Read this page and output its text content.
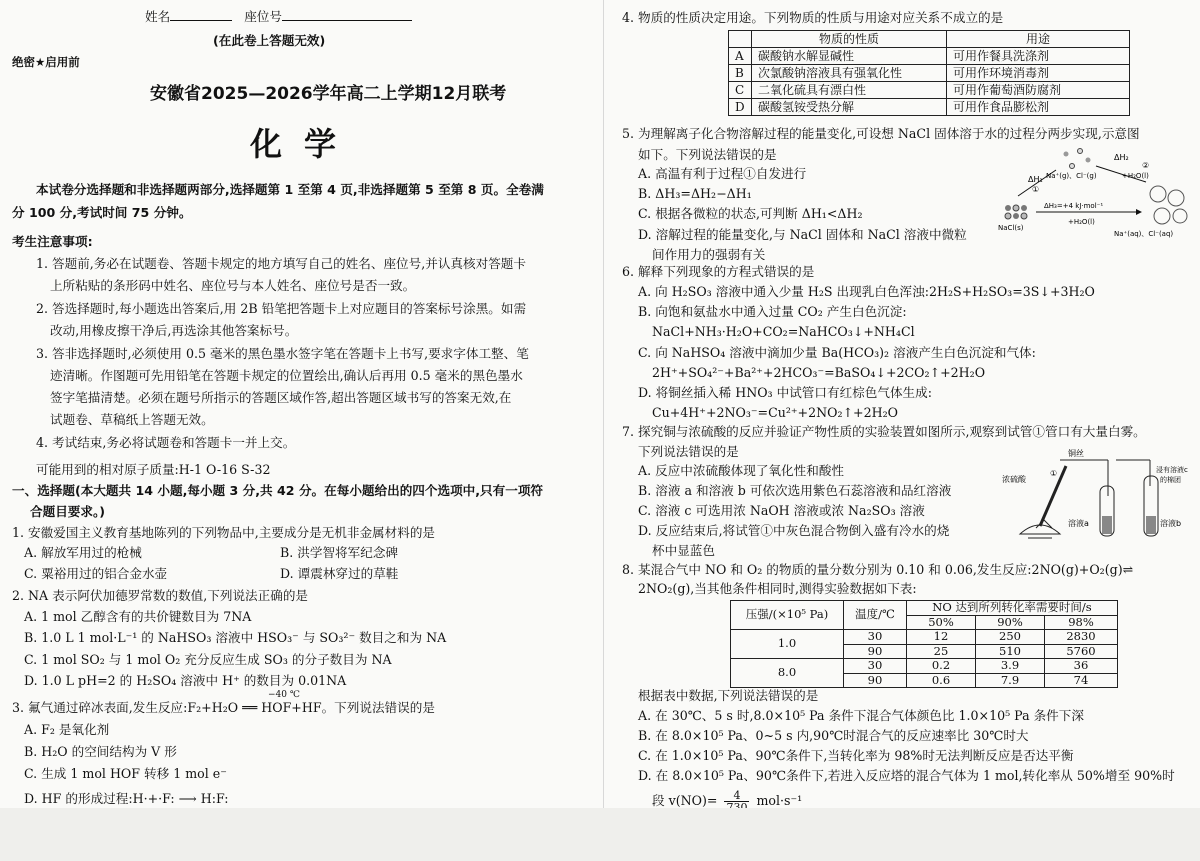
姓名	座位号
(在此卷上答题无效)
绝密★启用前
安徽省2025—2026学年高二上学期12月联考
化学
本试卷分选择题和非选择题两部分,选择题第 1 至第 4 页,非选择题第 5 至第 8 页。全卷满
分 100 分,考试时间 75 分钟。
考生注意事项:
1. 答题前,务必在试题卷、答题卡规定的地方填写自己的姓名、座位号,并认真核对答题卡
上所粘贴的条形码中姓名、座位号与本人姓名、座位号是否一致。
2. 答选择题时,每小题选出答案后,用 2B 铅笔把答题卡上对应题目的答案标号涂黑。如需
改动,用橡皮擦干净后,再选涂其他答案标号。
3. 答非选择题时,必须使用 0.5 毫米的黑色墨水签字笔在答题卡上书写,要求字体工整、笔
迹清晰。作图题可先用铅笔在答题卡规定的位置绘出,确认后再用 0.5 毫米的黑色墨水
签字笔描清楚。必须在题号所指示的答题区域作答,超出答题区域书写的答案无效,在
试题卷、草稿纸上答题无效。
4. 考试结束,务必将试题卷和答题卡一并上交。
可能用到的相对原子质量:H-1 O-16 S-32
一、选择题(本大题共 14 小题,每小题 3 分,共 42 分。在每小题给出的四个选项中,只有一项符
合题目要求。)
1. 安徽爱国主义教育基地陈列的下列物品中,主要成分是无机非金属材料的是
A. 解放军用过的枪械	B. 洪学智将军纪念碑
C. 粟裕用过的铝合金水壶	D. 谭震林穿过的草鞋
2. NA 表示阿伏加德罗常数的数值,下列说法正确的是
A. 1 mol 乙醇含有的共价键数目为 7NA
B. 1.0 L 1 mol·L⁻¹ 的 NaHSO₃ 溶液中 HSO₃⁻ 与 SO₃²⁻ 数目之和为 NA
C. 1 mol SO₂ 与 1 mol O₂ 充分反应生成 SO₃ 的分子数目为 NA
D. 1.0 L pH=2 的 H₂SO₄ 溶液中 H⁺ 的数目为 0.01NA
−40 ℃
3. 氟气通过碎冰表面,发生反应:F₂+H₂O ══ HOF+HF。下列说法错误的是
A. F₂ 是氧化剂
B. H₂O 的空间结构为 V 形
C. 生成 1 mol HOF 转移 1 mol e⁻
D. HF 的形成过程:H·+·F: ⟶ H:F:
4. 物质的性质决定用途。下列物质的性质与用途对应关系不成立的是
	物质的性质	用途
A	碳酸钠水解显碱性	可用作餐具洗涤剂
B	次氯酸钠溶液具有强氧化性	可用作环境消毒剂
C	二氧化硫具有漂白性	可用作葡萄酒防腐剂
D	碳酸氢铵受热分解	可用作食品膨松剂
5. 为理解离子化合物溶解过程的能量变化,可设想 NaCl 固体溶于水的过程分两步实现,示意图
如下。下列说法错误的是
A. 高温有利于过程①自发进行
B. ΔH₃=ΔH₂−ΔH₁
C. 根据各微粒的状态,可判断 ΔH₁<ΔH₂
D. 溶解过程的能量变化,与 NaCl 固体和 NaCl 溶液中微粒
间作用力的强弱有关
ΔH₁
①
ΔH₂
②
Na⁺(g)、Cl⁻(g)	+H₂O(l)
ΔH₃=+4 kJ·mol⁻¹
+H₂O(l)
NaCl(s)
Na⁺(aq)、Cl⁻(aq)
6. 解释下列现象的方程式错误的是
A. 向 H₂SO₃ 溶液中通入少量 H₂S 出现乳白色浑浊:2H₂S+H₂SO₃=3S↓+3H₂O
B. 向饱和氨盐水中通入过量 CO₂ 产生白色沉淀:
NaCl+NH₃·H₂O+CO₂=NaHCO₃↓+NH₄Cl
C. 向 NaHSO₄ 溶液中滴加少量 Ba(HCO₃)₂ 溶液产生白色沉淀和气体:
2H⁺+SO₄²⁻+Ba²⁺+2HCO₃⁻=BaSO₄↓+2CO₂↑+2H₂O
D. 将铜丝插入稀 HNO₃ 中试管口有红棕色气体生成:
Cu+4H⁺+2NO₃⁻=Cu²⁺+2NO₂↑+2H₂O
7. 探究铜与浓硫酸的反应并验证产物性质的实验装置如图所示,观察到试管①管口有大量白雾。
下列说法错误的是
A. 反应中浓硫酸体现了氧化性和酸性
B. 溶液 a 和溶液 b 可依次选用紫色石蕊溶液和品红溶液
C. 溶液 c 可选用浓 NaOH 溶液或浓 Na₂SO₃ 溶液
D. 反应结束后,将试管①中灰色混合物倒入盛有冷水的烧
杯中显蓝色
铜丝
浓硫酸
①
溶液a	溶液b
浸有溶液c
的棉团
8. 某混合气中 NO 和 O₂ 的物质的量分数分别为 0.10 和 0.06,发生反应:2NO(g)+O₂(g)⇌
2NO₂(g),当其他条件相同时,测得实验数据如下表:
压强/(×10⁵ Pa)	温度/℃	NO 达到所列转化率需要时间/s		
		50%	90%	98%
1.0	30	12	250	2830
	90	25	510	5760
8.0	30	0.2	3.9	36
	90	0.6	7.9	74
根据表中数据,下列说法错误的是
A. 在 30℃、5 s 时,8.0×10⁵ Pa 条件下混合气体颜色比 1.0×10⁵ Pa 条件下深
B. 在 8.0×10⁵ Pa、0~5 s 内,90℃时混合气的反应速率比 30℃时大
C. 在 1.0×10⁵ Pa、90℃条件下,当转化率为 98%时无法判断反应是否达平衡
D. 在 8.0×10⁵ Pa、90℃条件下,若进入反应塔的混合气体为 1 mol,转化率从 50%增至 90%时
段 v(NO)=	4	mol·s⁻¹
